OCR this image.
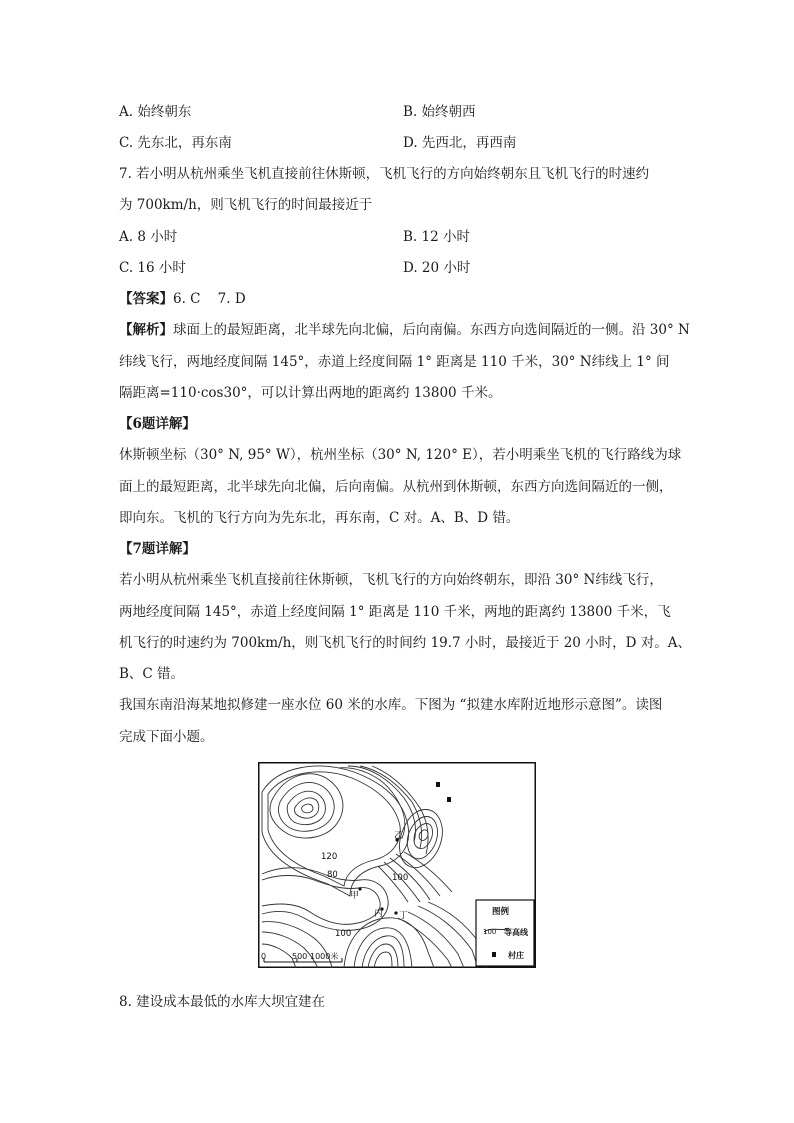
A. 始终朝东	B. 始终朝西
C. 先东北，再东南	D. 先西北，再西南
7. 若小明从杭州乘坐飞机直接前往休斯顿，飞机飞行的方向始终朝东且飞机飞行的时速约
为 700km/h，则飞机飞行的时间最接近于
A. 8 小时	B. 12 小时
C. 16 小时	D. 20 小时
【答案】6. C    7. D
【解析】球面上的最短距离，北半球先向北偏，后向南偏。东西方向选间隔近的一侧。沿 30° N
纬线飞行，两地经度间隔 145°，赤道上经度间隔 1° 距离是 110 千米，30° N纬线上 1° 间
隔距离=110·cos30°，可以计算出两地的距离约 13800 千米。
【6题详解】
休斯顿坐标（30° N, 95° W），杭州坐标（30° N, 120° E），若小明乘坐飞机的飞行路线为球
面上的最短距离，北半球先向北偏，后向南偏。从杭州到休斯顿，东西方向选间隔近的一侧，
即向东。飞机的飞行方向为先东北，再东南，C 对。A、B、D 错。
【7题详解】
若小明从杭州乘坐飞机直接前往休斯顿，飞机飞行的方向始终朝东，即沿 30° N纬线飞行，
两地经度间隔 145°，赤道上经度间隔 1° 距离是 110 千米，两地的距离约 13800 千米，飞
机飞行的时速约为 700km/h，则飞机飞行的时间约 19.7 小时，最接近于 20 小时，D 对。A、
B、C 错。
我国东南沿海某地拟修建一座水位 60 米的水库。下图为 “拟建水库附近地形示意图”。读图
完成下面小题。
120
80	100
100
乙
甲
丙 丁
0	500 1000米
图例
100 等高线
村庄
8. 建设成本最低的水库大坝宜建在
